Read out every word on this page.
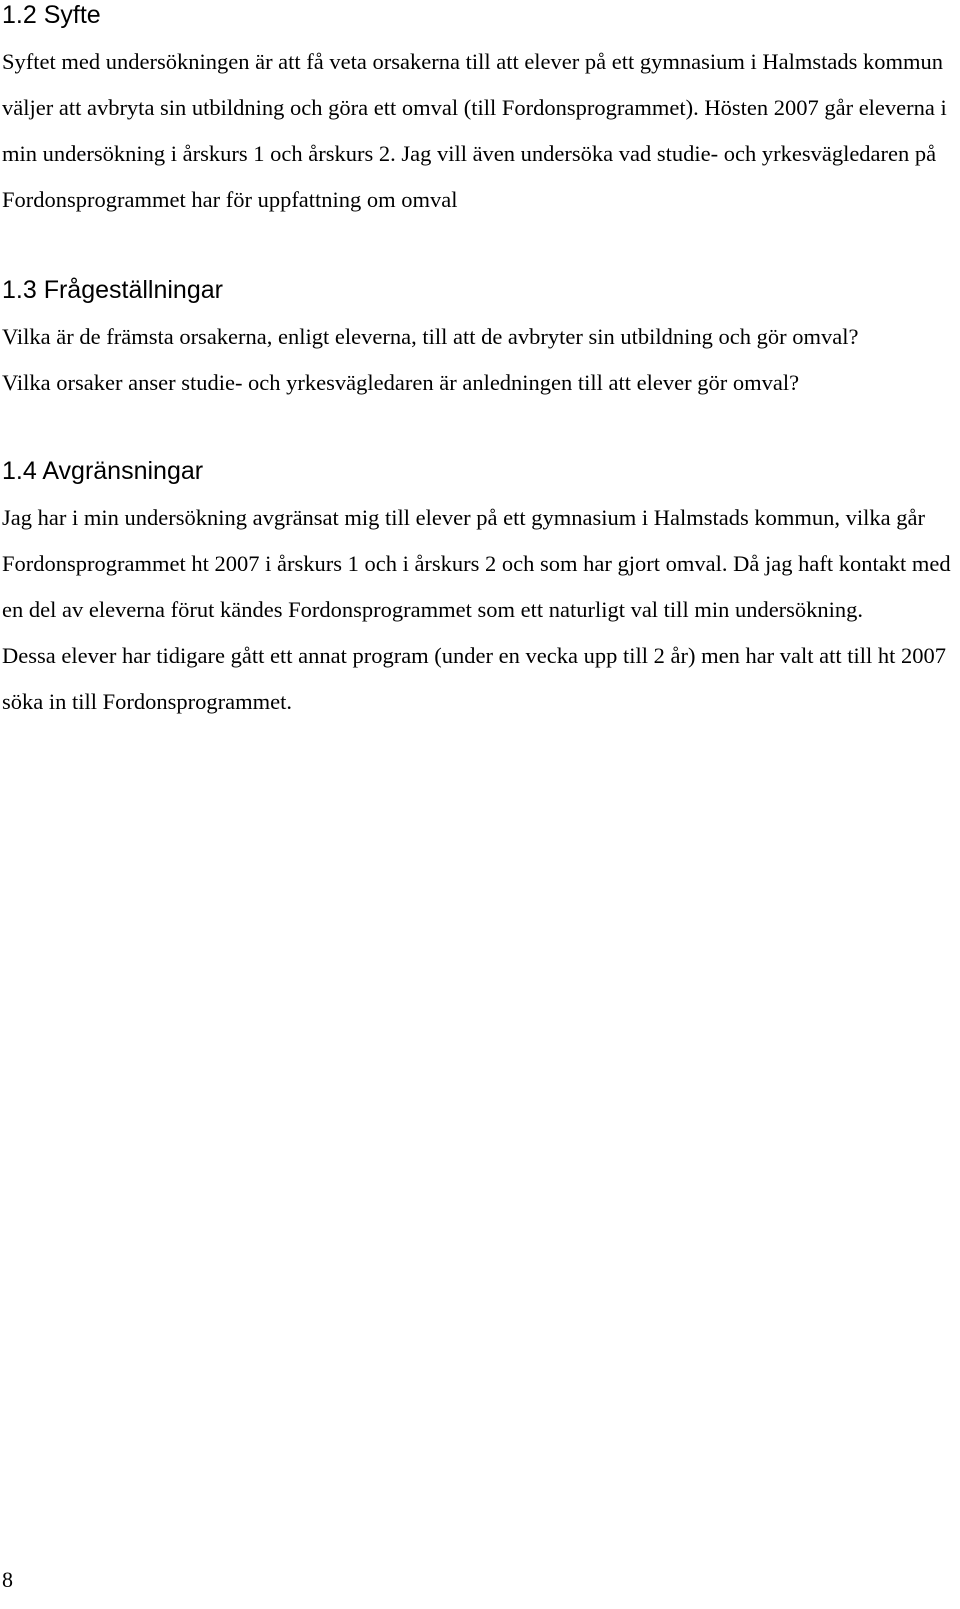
1.2 Syfte

Syftet med undersökningen är att få veta orsakerna till att elever på ett gymnasium i Halmstads kommun väljer att avbryta sin utbildning och göra ett omval (till Fordonsprogrammet). Hösten 2007 går eleverna i min undersökning i årskurs 1 och årskurs 2. Jag vill även undersöka vad studie- och yrkesvägledaren på Fordonsprogrammet har för uppfattning om omval

1.3 Frågeställningar

Vilka är de främsta orsakerna, enligt eleverna, till att de avbryter sin utbildning och gör omval?

Vilka orsaker anser studie- och yrkesvägledaren är anledningen till att elever gör omval?

1.4 Avgränsningar

Jag har i min undersökning avgränsat mig till elever på ett gymnasium i Halmstads kommun, vilka går Fordonsprogrammet ht 2007 i årskurs 1 och i årskurs 2 och som har gjort omval. Då jag haft kontakt med en del av eleverna förut kändes Fordonsprogrammet som ett naturligt val till min undersökning.

Dessa elever har tidigare gått ett annat program (under en vecka upp till 2 år) men har valt att till ht 2007 söka in till Fordonsprogrammet.

8
